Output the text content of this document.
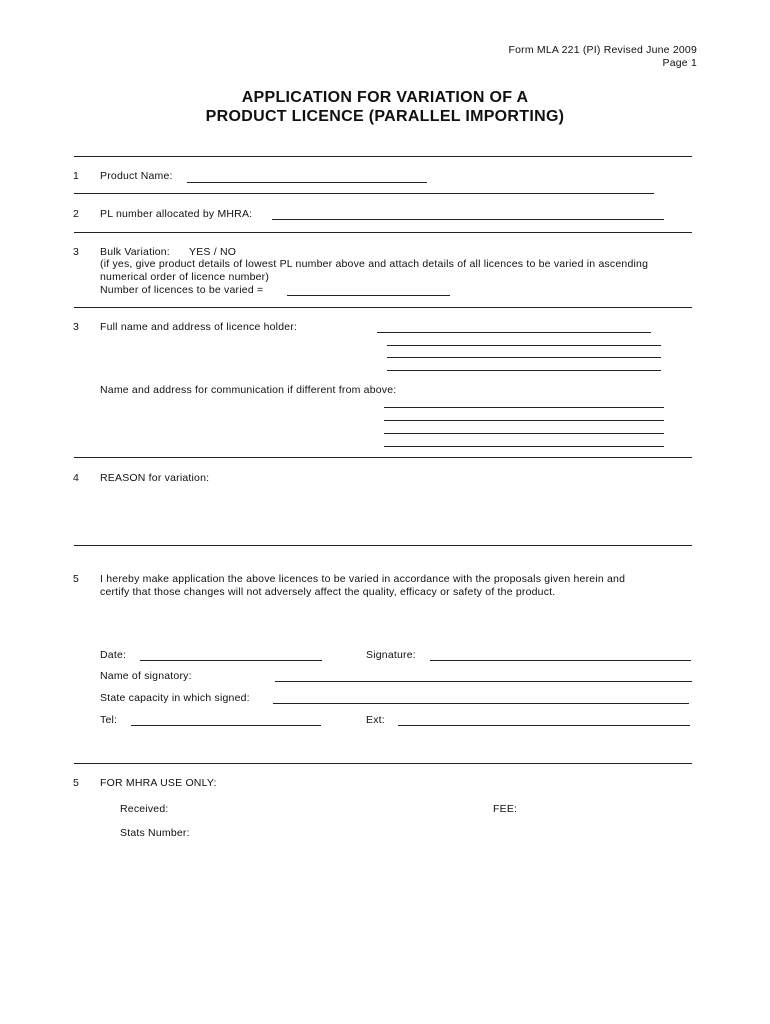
Form MLA 221 (PI) Revised June 2009
Page 1
APPLICATION FOR VARIATION OF A
PRODUCT LICENCE (PARALLEL IMPORTING)
1 Product Name:
2 PL number allocated by MHRA:
3 Bulk Variation: YES / NO
(if yes, give product details of lowest PL number above and attach details of all licences to be varied in ascending
numerical order of licence number)
Number of licences to be varied =
3 Full name and address of licence holder:
Name and address for communication if different from above:
4 REASON for variation:
5 I hereby make application the above licences to be varied in accordance with the proposals given herein and
certify that those changes will not adversely affect the quality, efficacy or safety of the product.
Date:	Signature:
Name of signatory:
State capacity in which signed:
Tel:	Ext:
5 FOR MHRA USE ONLY:
Received:	FEE:
Stats Number:
